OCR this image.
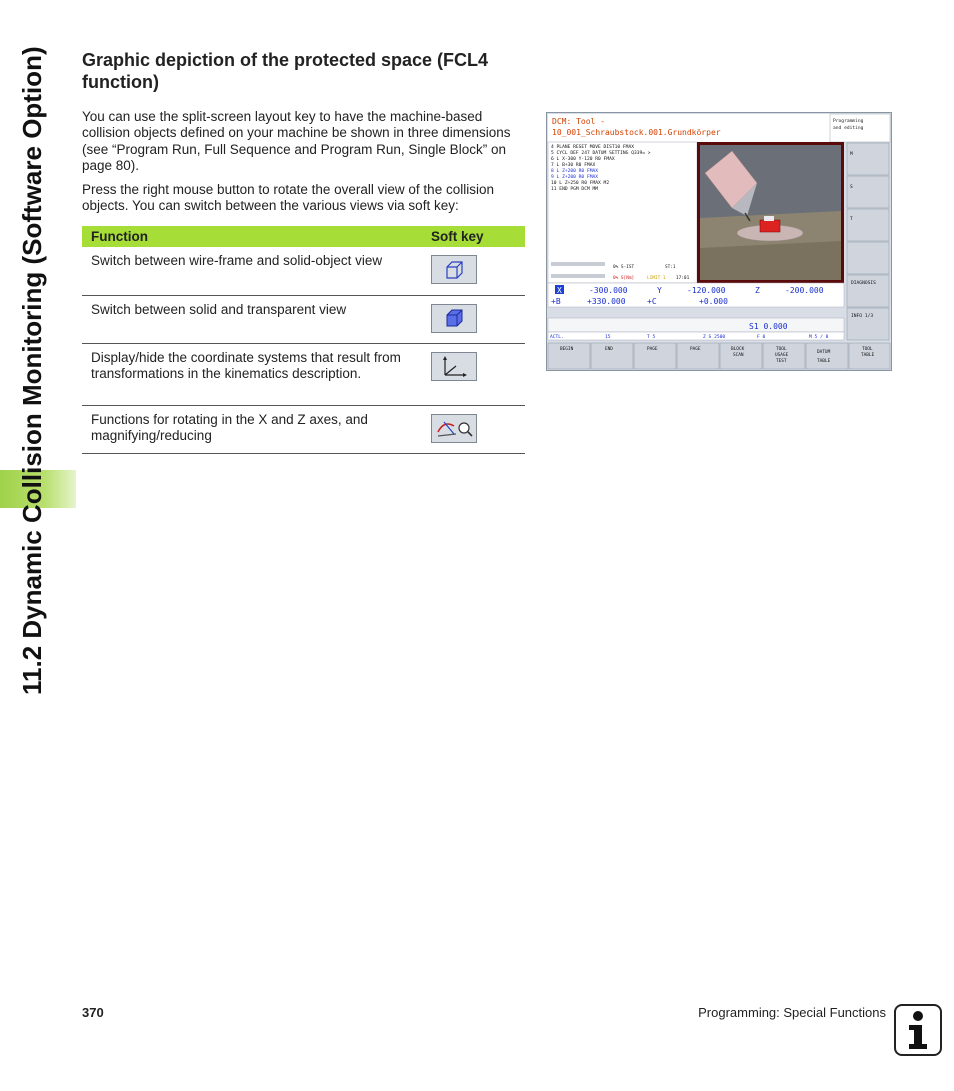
11.2 Dynamic Collision Monitoring (Software Option)	Graphic depiction of the protected space (FCL4 function)

You can use the split-screen layout key to have the machine-based collision objects defined on your machine be shown in three dimensions (see “Program Run, Full Sequence and Program Run, Single Block” on page 80).

Press the right mouse button to rotate the overall view of the collision objects. You can switch between the various views via soft key:

Function	Soft key
Switch between wire-frame and solid-object view	

Switch between solid and transparent view	

Display/hide the coordinate systems that result from transformations in the kinematics description.	

Functions for rotating in the X and Z axes, and magnifying/reducing	
DCM: Tool -
10_001_Schraubstock.001.Grundkörper
Programming
and editing
4 PLANE RESET MOVE DIST10 FMAX
5 CYCL DEF 247 DATUM SETTING Q339= >
6 L X-300 Y-120 R0 FMAX
7 L B+30 R0 FMAX
8 L Z+200 R0 FMAX
9 L Z+200 R0 FMAX
10 L Z+250 R0 FMAX M2
11 END PGM DCM MM
0% S-IST	ST:1
0% S[Nm]	LIMIT 1 17:01
X	-300.000	Y	-120.000	Z	-200.000
+B	+330.000	+C	+0.000
S1 0.000
ACTL.	15	T 5	Z S 2500	F 0	M 5 / 8
M
S
T
DIAGNOSIS
INFO 1/3
BEGIN	END	PAGE	PAGE	BLOCK
SCAN
TOOL
USAGE
TEST
DATUM
TABLE
TOOL
TABLE
370	Programming: Special Functions
